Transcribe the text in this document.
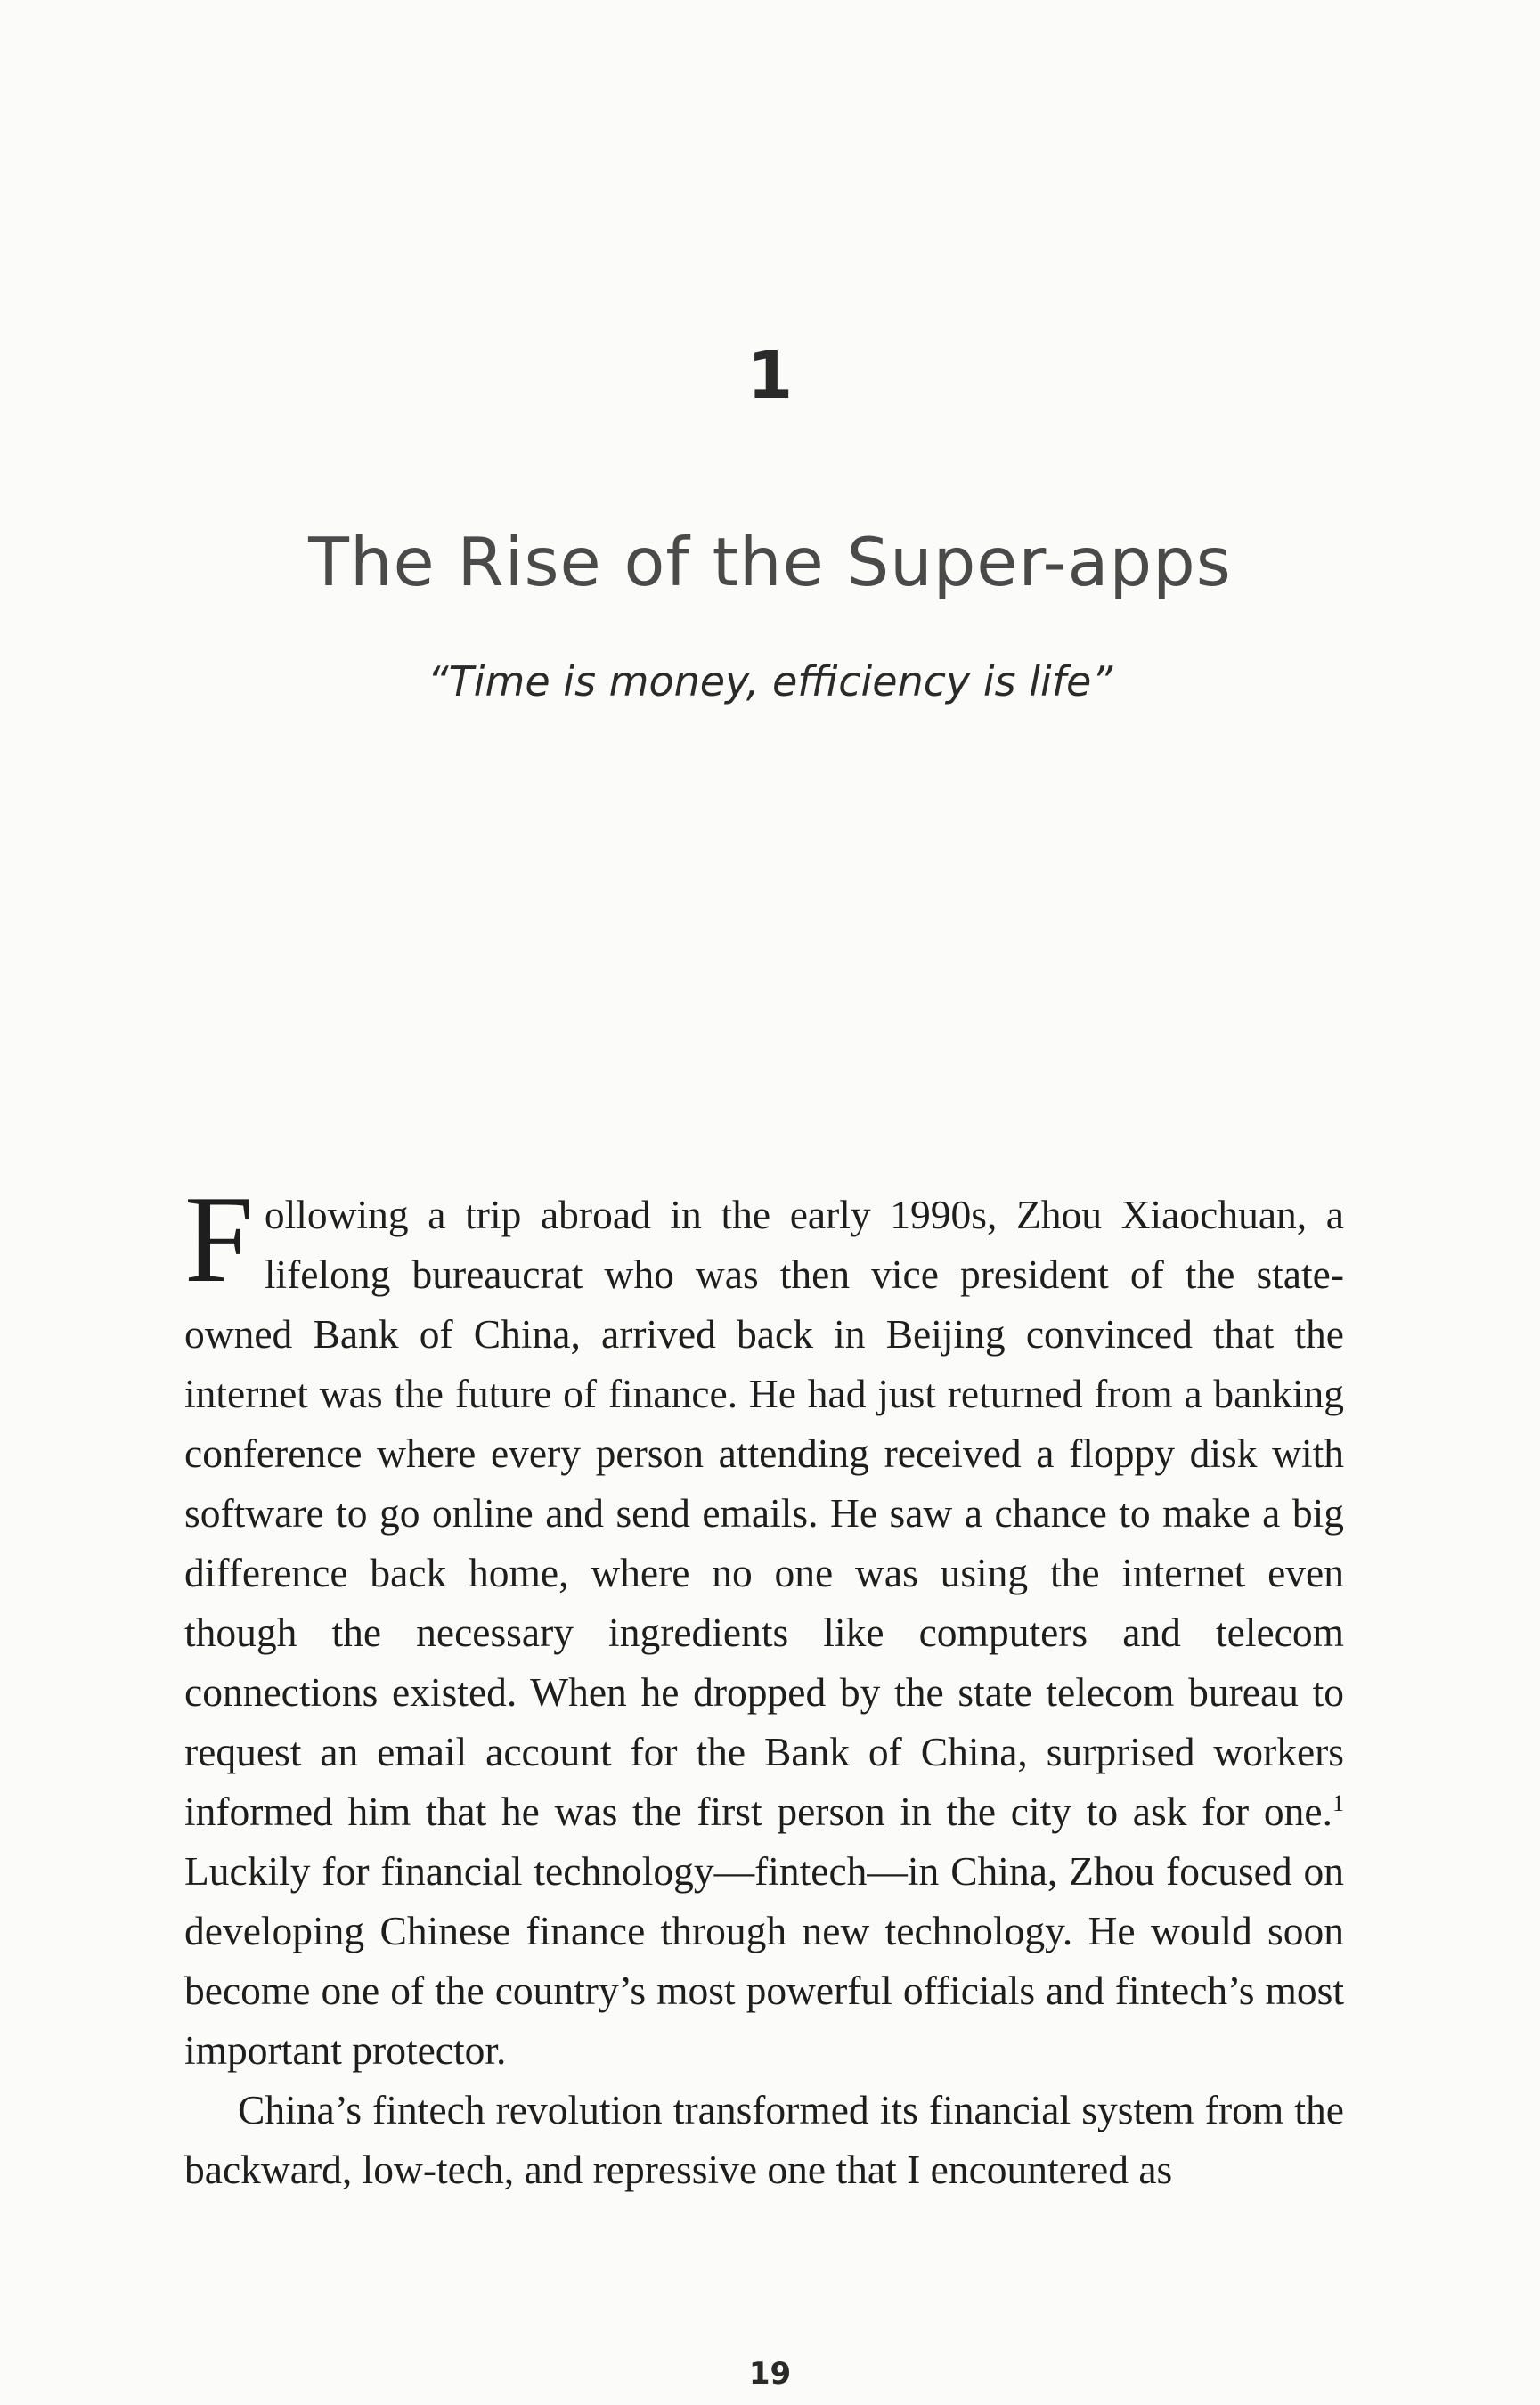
1
The Rise of the Super-apps
“Time is money, efficiency is life”

Following a trip abroad in the early 1990s, Zhou Xiaochuan, a lifelong bureaucrat who was then vice president of the state-owned Bank of China, arrived back in Beijing convinced that the internet was the future of finance. He had just returned from a banking conference where every person attending received a floppy disk with software to go online and send emails. He saw a chance to make a big difference back home, where no one was using the internet even though the necessary ingredients like computers and telecom connections existed. When he dropped by the state telecom bureau to request an email account for the Bank of China, surprised workers informed him that he was the first person in the city to ask for one.$^1$ Luckily for financial technology—fintech—in China, Zhou focused on developing Chinese finance through new technology. He would soon become one of the country’s most powerful officials and fintech’s most important protector.

China’s fintech revolution transformed its financial system from the backward, low-tech, and repressive one that I encountered as

19
